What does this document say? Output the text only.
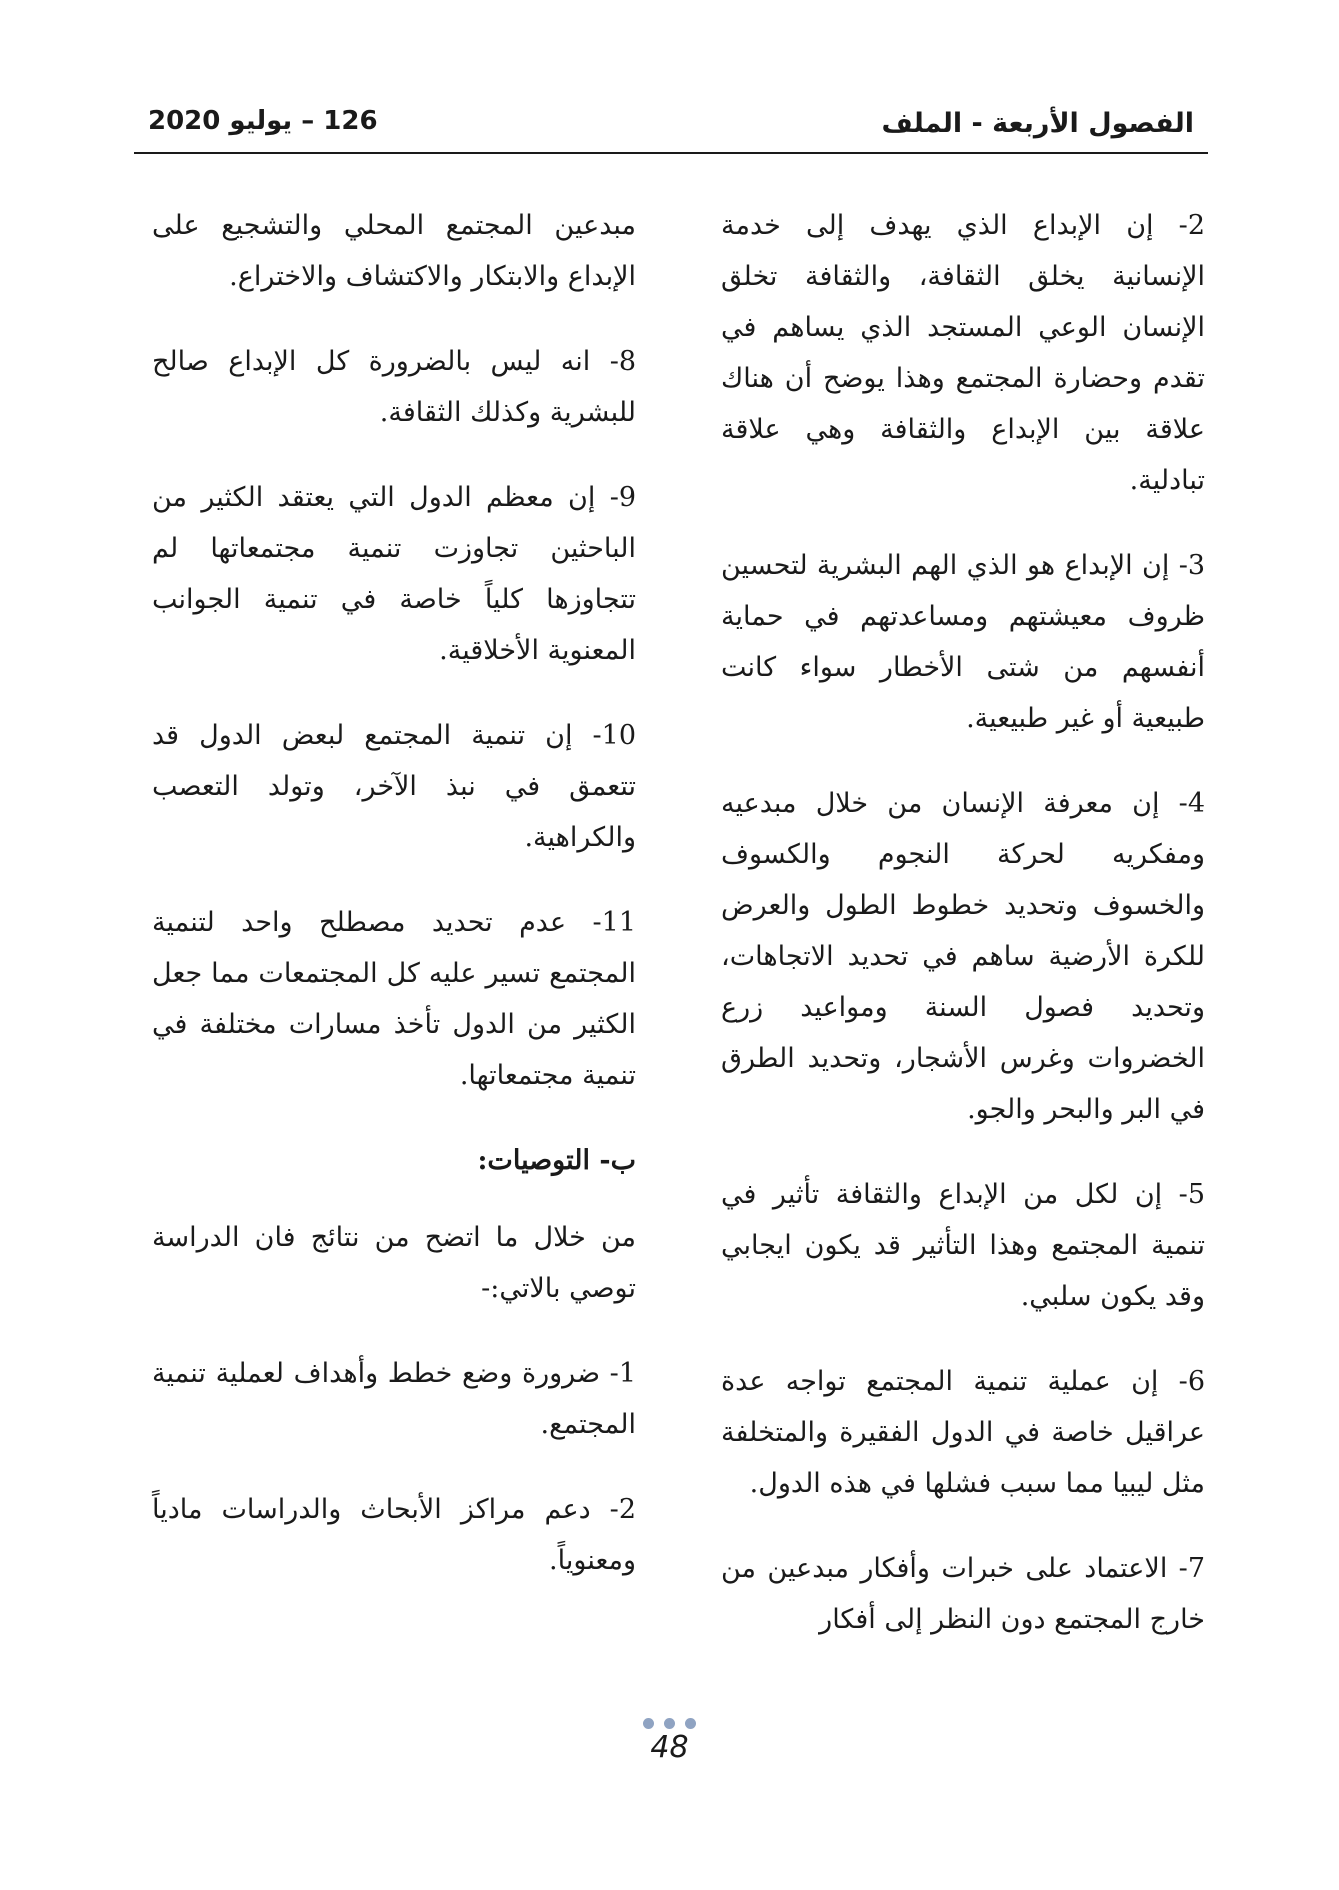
الفصول الأربعة - الملف
126 – يوليو 2020

2- إن الإبداع الذي يهدف إلى خدمة الإنسانية يخلق الثقافة، والثقافة تخلق الإنسان الوعي المستجد الذي يساهم في تقدم وحضارة المجتمع وهذا يوضح أن هناك علاقة بين الإبداع والثقافة وهي علاقة تبادلية.

3- إن الإبداع هو الذي الهم البشرية لتحسين ظروف معيشتهم ومساعدتهم في حماية أنفسهم من شتى الأخطار سواء كانت طبيعية أو غير طبيعية.

4- إن معرفة الإنسان من خلال مبدعيه ومفكريه لحركة النجوم والكسوف والخسوف وتحديد خطوط الطول والعرض للكرة الأرضية ساهم في تحديد الاتجاهات، وتحديد فصول السنة ومواعيد زرع الخضروات وغرس الأشجار، وتحديد الطرق في البر والبحر والجو.

5- إن لكل من الإبداع والثقافة تأثير في تنمية المجتمع وهذا التأثير قد يكون ايجابي وقد يكون سلبي.

6- إن عملية تنمية المجتمع تواجه عدة عراقيل خاصة في الدول الفقيرة والمتخلفة مثل ليبيا مما سبب فشلها في هذه الدول.

7- الاعتماد على خبرات وأفكار مبدعين من خارج المجتمع دون النظر إلى أفكار

مبدعين المجتمع المحلي والتشجيع على الإبداع والابتكار والاكتشاف والاختراع.

8- انه ليس بالضرورة كل الإبداع صالح للبشرية وكذلك الثقافة.

9- إن معظم الدول التي يعتقد الكثير من الباحثين تجاوزت تنمية مجتمعاتها لم تتجاوزها كلياً خاصة في تنمية الجوانب المعنوية الأخلاقية.

10- إن تنمية المجتمع لبعض الدول قد تتعمق في نبذ الآخر، وتولد التعصب والكراهية.

11- عدم تحديد مصطلح واحد لتنمية المجتمع تسير عليه كل المجتمعات مما جعل الكثير من الدول تأخذ مسارات مختلفة في تنمية مجتمعاتها.

ب- التوصيات:

من خلال ما اتضح من نتائج فان الدراسة توصي بالاتي:-

1- ضرورة وضع خطط وأهداف لعملية تنمية المجتمع.

2- دعم مراكز الأبحاث والدراسات مادياً ومعنوياً.

48
